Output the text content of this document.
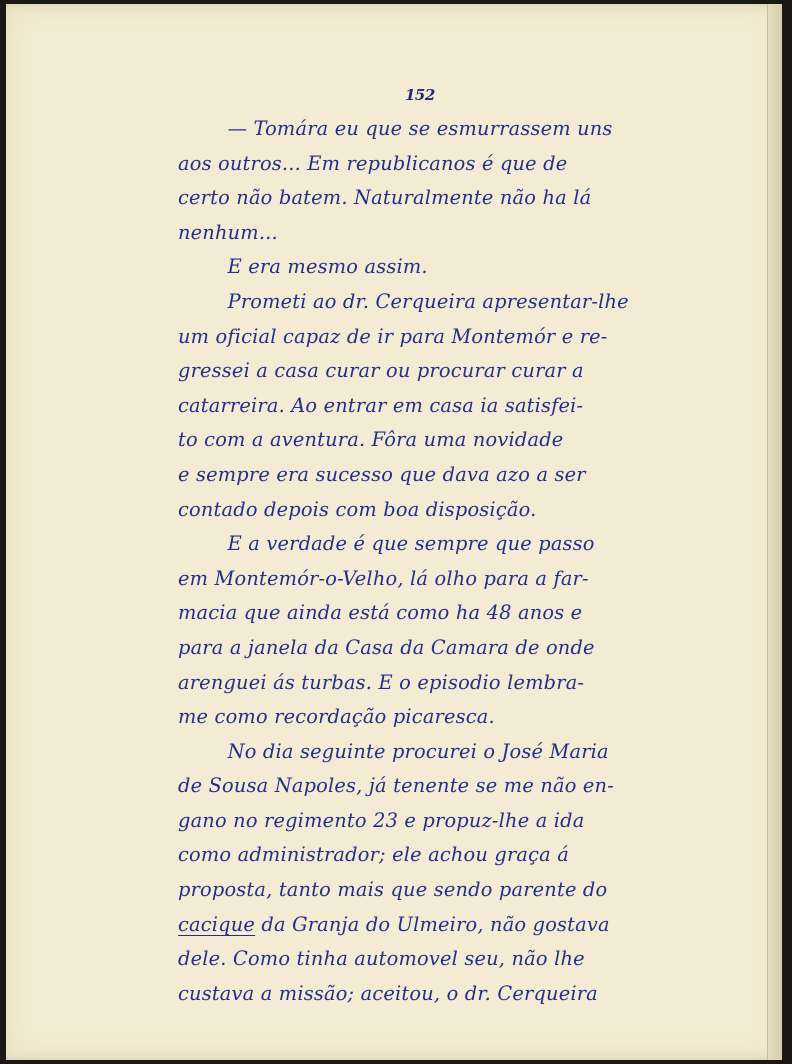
152
— Tomára eu que se esmurrassem uns
aos outros... Em republicanos é que de
certo não batem. Naturalmente não ha lá
nenhum...
E era mesmo assim.
Prometi ao dr. Cerqueira apresentar-lhe
um oficial capaz de ir para Montemór e re-
gressei a casa curar ou procurar curar a
catarreira. Ao entrar em casa ia satisfei-
to com a aventura. Fôra uma novidade
e sempre era sucesso que dava azo a ser
contado depois com boa disposição.
E a verdade é que sempre que passo
em Montemór-o-Velho, lá olho para a far-
macia que ainda está como ha 48 anos e
para a janela da Casa da Camara de onde
arenguei ás turbas. E o episodio lembra-
me como recordação picaresca.
No dia seguinte procurei o José Maria
de Sousa Napoles, já tenente se me não en-
gano no regimento 23 e propuz-lhe a ida
como administrador; ele achou graça á
proposta, tanto mais que sendo parente do
cacique da Granja do Ulmeiro, não gostava
dele. Como tinha automovel seu, não lhe
custava a missão; aceitou, o dr. Cerqueira
